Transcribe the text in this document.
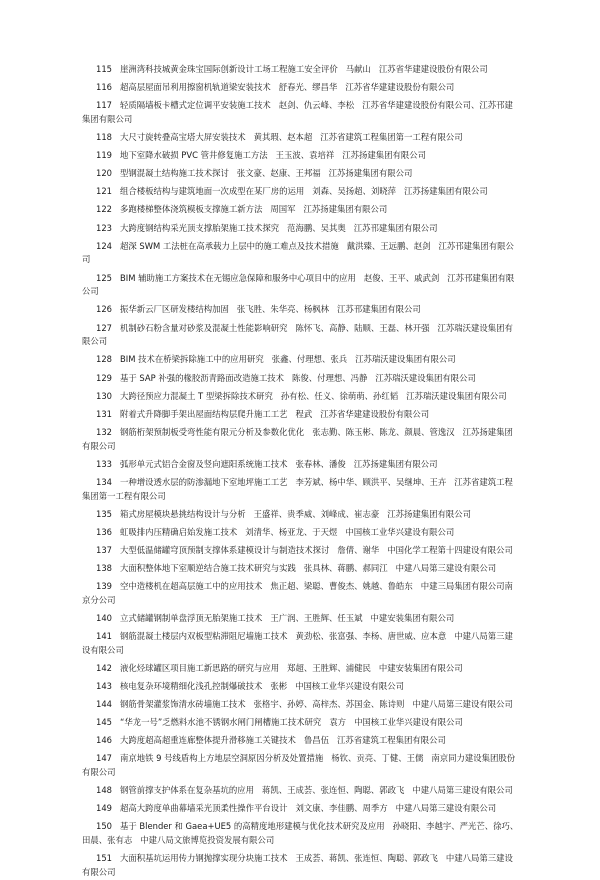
115 崖洲湾科技城黄金珠宝国际创新设计工场工程施工安全评价 马献山 江苏省华建建设股份有限公司

116 超高层屋面吊利用擦窗机轨道梁安装技术 舒春光、缪昌华 江苏省华建建设股份有限公司

117 轻质隔墙板卡槽式定位调平安装施工技术 赵剑、仇云峰、李松 江苏省华建建设股份有限公司、江苏邗建集团有限公司

118 大尺寸旋转叠高宝塔大屏安装技术 黄其瑕、赵本超 江苏省建筑工程集团第一工程有限公司

119 地下室降水破损 PVC 管井修复施工方法 王玉波、袁培祥 江苏扬建集团有限公司

120 型钢混凝土结构施工技术探讨 张文豪、赵康、王邦福 江苏扬建集团有限公司

121 组合楼板结构与建筑地面一次成型在某厂房的运用 刘森、吴扬超、刘晓萍 江苏扬建集团有限公司

122 多跑楼梯整体浇筑模板支撑施工新方法 周国军 江苏扬建集团有限公司

123 大跨度钢结构采光顶支撑胎架施工技术探究 范海鹏、吴其奥 江苏邗建集团有限公司

124 超深 SWM 工法桩在高承载力上层中的施工难点及技术措施 戴洪臻、王远鹏、赵剑 江苏邗建集团有限公司

125 BIM 辅助施工方案技术在无锡应急保障和服务中心项目中的应用 赵俊、王平、戚武剑 江苏邗建集团有限公司

126 振华新云厂区研发楼结构加固 张飞胜、朱华亮、杨枫林 江苏邗建集团有限公司

127 机制砂石粉含量对砂浆及混凝土性能影响研究 陈怀飞、高静、陆顺、王磊、林开强 江苏瑞沃建设集团有限公司

128 BIM 技术在桥梁拆除施工中的应用研究 张鑫、付理想、张兵 江苏瑞沃建设集团有限公司

129 基于 SAP 补强的椽胶沥青路面改造施工技术 陈俊、付理想、冯静 江苏瑞沃建设集团有限公司

130 大跨径预应力混凝土 T 型梁拆除技术研究 孙有松、任义、徐萌萌、孙红韬 江苏瑞沃建设集团有限公司

131 附着式升降脚手架出屋面结构层爬升施工工艺 程武 江苏省华建建设股份有限公司

132 钢筋桁架预制板受弯性能有限元分析及参数化优化 张志勤、陈玉彬、陈龙、颜晨、管逸汉 江苏扬建集团有限公司

133 弧形单元式铝合金窗及竖向遮阳系统施工技术 张春林、潘俊 江苏扬建集团有限公司

134 一种增设透水层的防渗漏地下室地坪施工工艺 李芳斌、杨中华、顾洪平、吴继坤、王卉 江苏省建筑工程集团第一工程有限公司

135 箱式房屋模块悬挑结构设计与分析 王盛祥、贵季威、刘峰成、崔志豪 江苏扬建集团有限公司

136 虹吸排内压精确启始发施工技术 刘清华、杨亚龙、于天煜 中国核工业华兴建设有限公司

137 大型低温储罐穹顶预制支撑体系建模设计与制造技术探讨 詹倩、谢华 中国化学工程第十四建设有限公司

138 大面积整体地下室顺逆结合施工技术研究与实践 张具林、蒋鹏、郝同江 中建八局第三建设有限公司

139 空中造楼机在超高层施工中的应用技术 焦正超、梁聪、曹俊杰、姚越、鲁皓东 中建三局集团有限公司南京分公司

140 立式储罐钢制单盘浮顶无胎架施工技术 王广润、王胜辉、任玉斌 中建安装集团有限公司

141 钢筋混凝土楼层内双板型粘滞阻尼墙施工技术 黄劲松、张富强、李杨、唐世威、应本意 中建八局第三建设有限公司

142 液化烃球罐区项目施工新思路的研究与应用 郑超、王胜辉、浦健民 中建安装集团有限公司

143 核电复杂环境精细化浅孔控制爆破技术 张彬 中国核工业华兴建设有限公司

144 钢筋骨架灌浆饰清水砖墙施工技术 张格宇、孙婷、高梓杰、苏国金、陈诗则 中建八局第三建设有限公司

145 “华龙一号”乏燃料水池不锈钢水闸门闸槽施工技术研究 袁方 中国核工业华兴建设有限公司

146 大跨度超高超重连廊整体提升滑移施工关键技术 鲁昌伍 江苏省建筑工程集团有限公司

147 南京地铁 9 号线盾构上方地层空洞原因分析及处置措施 杨钦、贡亮、丁健、王儒 南京同力建设集团股份有限公司

148 钢管前撑支护体系在复杂基坑的应用 蒋凯、王成荟、张连恒、陶聪、郭政飞 中建八局第三建设有限公司

149 超高大跨度单曲幕墙采光顶柔性操作平台设计 刘文康、李佳鹏、周季方 中建八局第三建设有限公司

150 基于 Blender 和 Gaea+UE5 的高精度地形建模与优化技术研究及应用 孙晓阳、李越宇、严光芒、徐巧、田晨、张有志 中建八局文旅博览投资发展有限公司

151 大面积基坑运用传力钢抛撑实现分块施工技术 王成荟、蒋凯、张连恒、陶聪、郭政飞 中建八局第三建设有限公司
